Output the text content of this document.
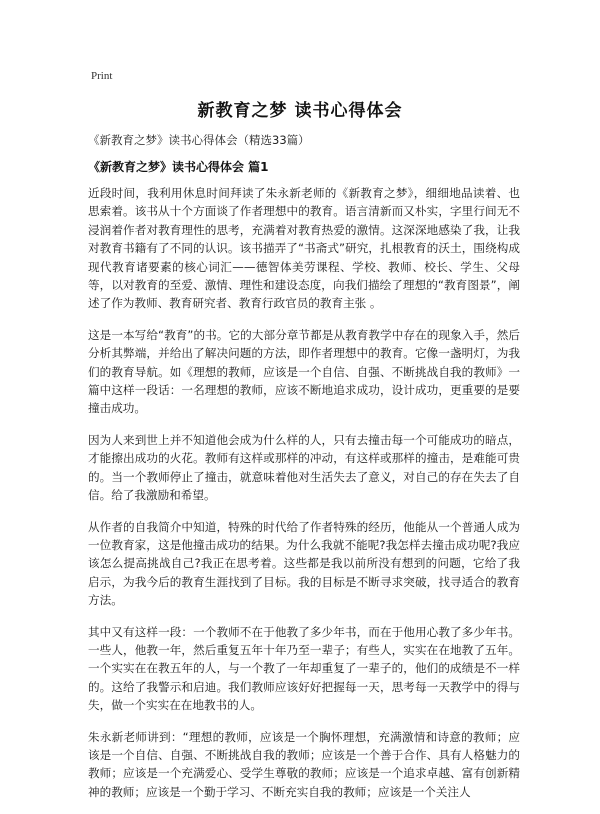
Print
新教育之梦 读书心得体会
《新教育之梦》读书心得体会（精选33篇）
《新教育之梦》读书心得体会 篇1

近段时间，我利用休息时间拜读了朱永新老师的《新教育之梦》，细细地品读着、也思索着。该书从十个方面谈了作者理想中的教育。语言清新而又朴实，字里行间无不浸润着作者对教育理性的思考，充满着对教育热爱的激情。这深深地感染了我，让我对教育书籍有了不同的认识。该书描弄了“书斋式”研究，扎根教育的沃土，围绕构成现代教育诸要素的核心词汇——德智体美劳课程、学校、教师、校长、学生、父母等，以对教育的至爱、激情、理性和建设态度，向我们描绘了理想的“教育图景”，阐述了作为教师、教育研究者、教育行政官员的教育主张 。

这是一本写给“教育”的书。它的大部分章节都是从教育教学中存在的现象入手，然后分析其弊端，并给出了解决问题的方法，即作者理想中的教育。它像一盏明灯，为我们的教育导航。如《理想的教师，应该是一个自信、自强、不断挑战自我的教师》一篇中这样一段话：一名理想的教师，应该不断地追求成功，设计成功，更重要的是要撞击成功。

因为人来到世上并不知道他会成为什么样的人，只有去撞击每一个可能成功的暗点，才能擦出成功的火花。教师有这样或那样的冲动，有这样或那样的撞击，是难能可贵的。当一个教师停止了撞击，就意味着他对生活失去了意义，对自己的存在失去了自信。给了我激励和希望。

从作者的自我简介中知道，特殊的时代给了作者特殊的经历，他能从一个普通人成为一位教育家，这是他撞击成功的结果。为什么我就不能呢?我怎样去撞击成功呢?我应该怎么提高挑战自己?我正在思考着。这些都是我以前所没有想到的问题，它给了我启示，为我今后的教育生涯找到了目标。我的目标是不断寻求突破，找寻适合的教育方法。

其中又有这样一段：一个教师不在于他教了多少年书，而在于他用心教了多少年书。一些人，他教一年，然后重复五年十年乃至一辈子；有些人，实实在在地教了五年。一个实实在在教五年的人，与一个教了一年却重复了一辈子的，他们的成绩是不一样的。这给了我警示和启迪。我们教师应该好好把握每一天，思考每一天教学中的得与失，做一个实实在在地教书的人。

朱永新老师讲到：“理想的教师，应该是一个胸怀理想，充满激情和诗意的教师；应该是一个自信、自强、不断挑战自我的教师；应该是一个善于合作、具有人格魅力的教师；应该是一个充满爱心、受学生尊敬的教师；应该是一个追求卓越、富有创新精神的教师；应该是一个勤于学习、不断充实自我的教师；应该是一个关注人
